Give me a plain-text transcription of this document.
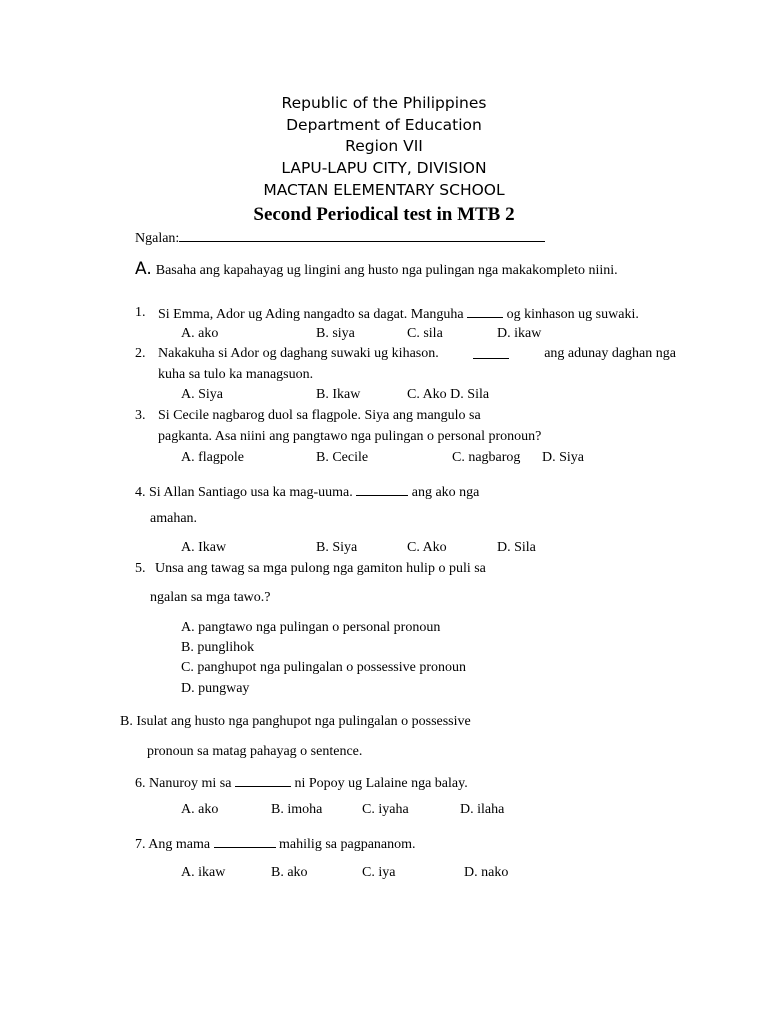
Republic of the Philippines
Department of Education
Region VII
LAPU-LAPU CITY, DIVISION
MACTAN ELEMENTARY SCHOOL
Second Periodical test in MTB 2
Ngalan:
A. Basaha ang kapahayag ug lingini ang husto nga pulingan nga makakompleto niini.
1. Si Emma, Ador ug Ading nangadto sa dagat. Manguha	og kinhason ug suwaki.
A. ako	B. siya	C. sila	D. ikaw
2. Nakakuha si Ador og daghang suwaki ug kihason.	ang adunay daghan nga
kuha sa tulo ka managsuon.
A. Siya	B. Ikaw	C. Ako D. Sila
3. Si Cecile nagbarog duol sa flagpole. Siya ang mangulo sa
pagkanta. Asa niini ang pangtawo nga pulingan o personal pronoun?
A. flagpole	B. Cecile	C. nagbarog D. Siya
4. Si Allan Santiago usa ka mag-uuma.	ang ako nga
amahan.
A. Ikaw	B. Siya	C. Ako	D. Sila
5. Unsa ang tawag sa mga pulong nga gamiton hulip o puli sa
ngalan sa mga tawo.?
A. pangtawo nga pulingan o personal pronoun
B. punglihok
C. panghupot nga pulingalan o possessive pronoun
D. pungway
B. Isulat ang husto nga panghupot nga pulingalan o possessive
pronoun sa matag pahayag o sentence.
6. Nanuroy mi sa	ni Popoy ug Lalaine nga balay.
A. ako	B. imoha	C. iyaha	D. ilaha
7. Ang mama	mahilig sa pagpananom.
A. ikaw	B. ako	C. iya	D. nako
